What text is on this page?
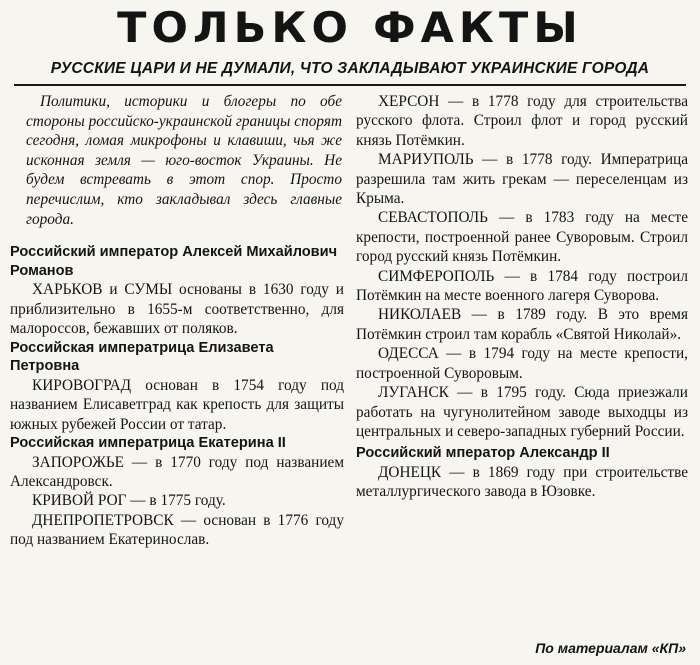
ТОЛЬКО ФАКТЫ
РУССКИЕ ЦАРИ И НЕ ДУМАЛИ, ЧТО ЗАКЛАДЫВАЮТ УКРАИНСКИЕ ГОРОДА

Политики, историки и блогеры по обе стороны российско-украинской границы спорят сегодня, ломая микрофоны и клавиши, чья же исконная земля — юго-восток Украины. Не будем встревать в этот спор. Просто перечислим, кто закладывал здесь главные города.

Российский император Алексей Михайлович Романов

ХАРЬКОВ и СУМЫ основаны в 1630 году и приблизительно в 1655-м соответственно, для малороссов, бежавших от поляков.

Российская императрица Елизавета Петровна

КИРОВОГРАД основан в 1754 году под названием Елисаветград как крепость для защиты южных рубежей России от татар.

Российская императрица Екатерина II

ЗАПОРОЖЬЕ — в 1770 году под названием Александровск.

КРИВОЙ РОГ — в 1775 году.

ДНЕПРОПЕТРОВСК — основан в 1776 году под названием Екатеринослав.

ХЕРСОН — в 1778 году для строительства русского флота. Строил флот и город русский князь Потёмкин.

МАРИУПОЛЬ — в 1778 году. Императрица разрешила там жить грекам — переселенцам из Крыма.

СЕВАСТОПОЛЬ — в 1783 году на месте крепости, построенной ранее Суворовым. Строил город русский князь Потёмкин.

СИМФЕРОПОЛЬ — в 1784 году построил Потёмкин на месте военного лагеря Суворова.

НИКОЛАЕВ — в 1789 году. В это время Потёмкин строил там корабль «Святой Николай».

ОДЕССА — в 1794 году на месте крепости, построенной Суворовым.

ЛУГАНСК — в 1795 году. Сюда приезжали работать на чугунолитейном заводе выходцы из центральных и северо-западных губерний России.

Российский мператор Александр II

ДОНЕЦК — в 1869 году при строительстве металлургического завода в Юзовке.

По материалам «КП»
